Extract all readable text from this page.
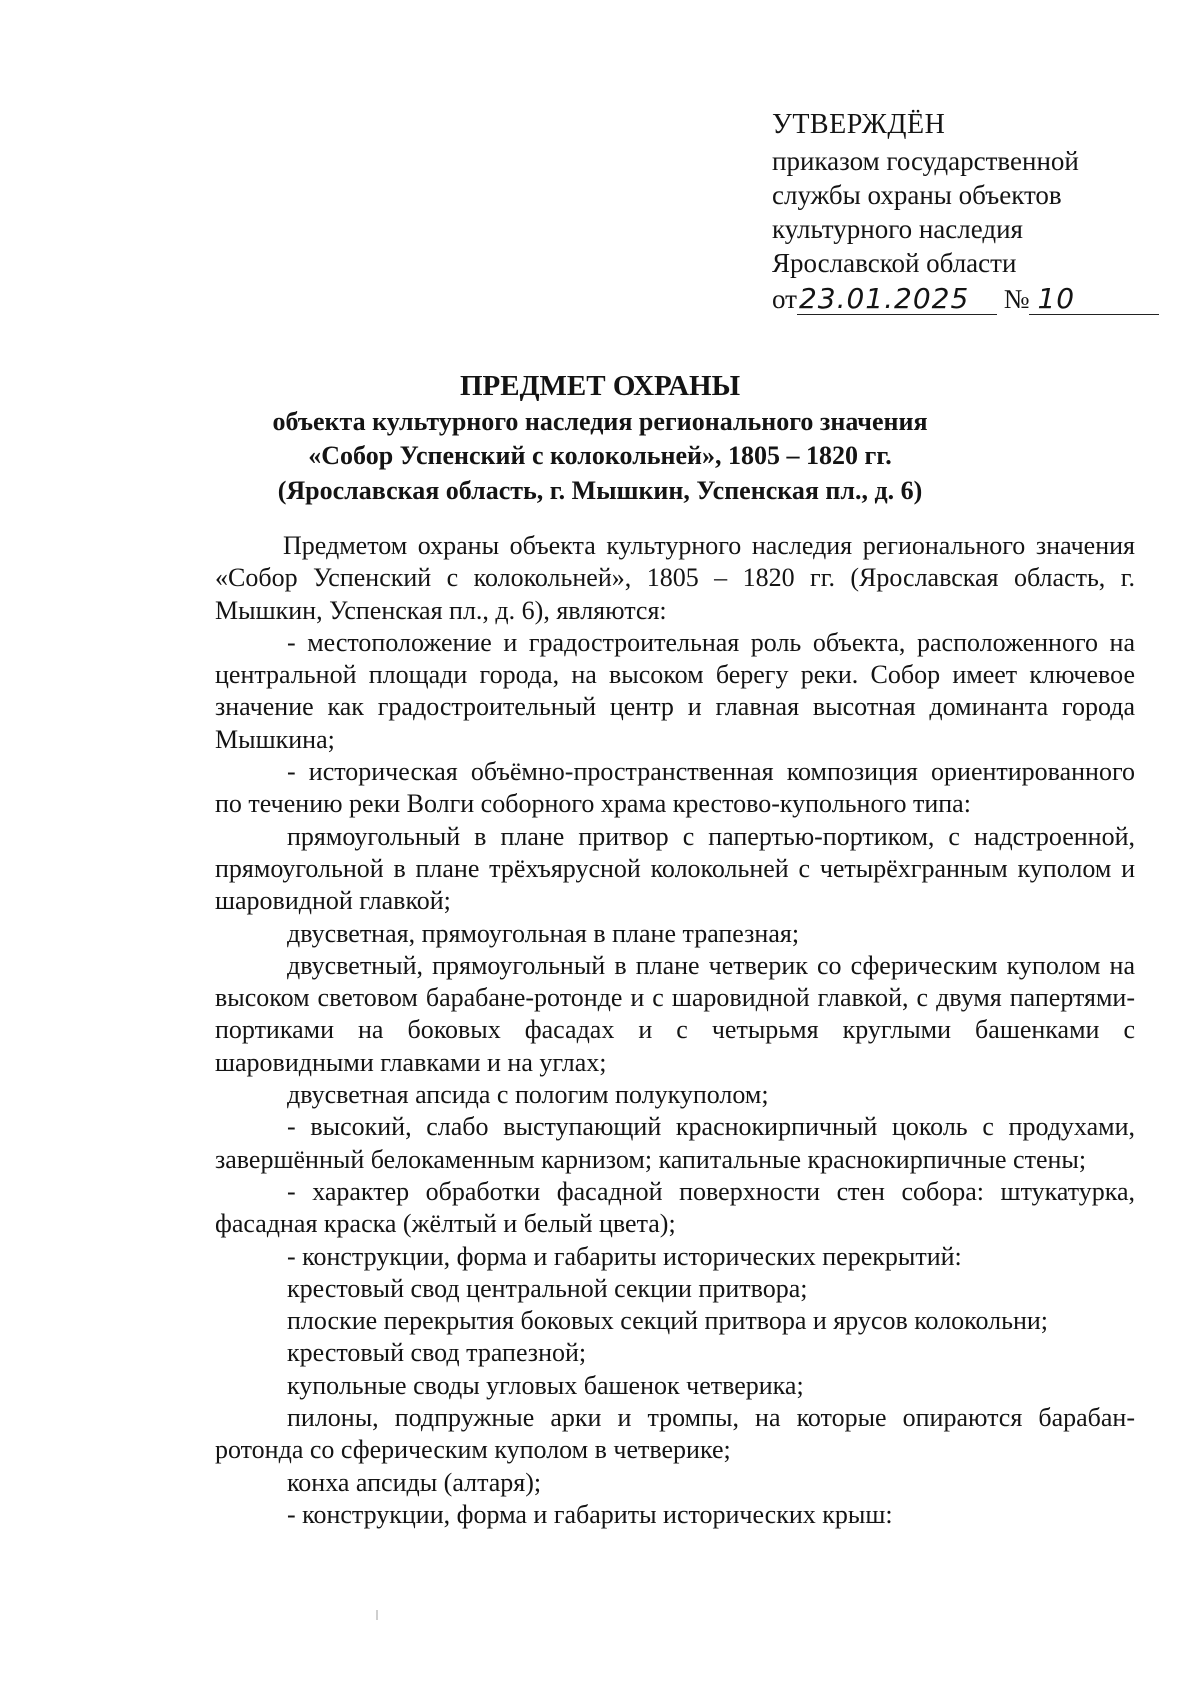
УТВЕРЖДЁН
приказом государственной
службы охраны объектов
культурного наследия
Ярославской области
от23.01.2025 № 10
ПРЕДМЕТ ОХРАНЫ
объекта культурного наследия регионального значения
«Собор Успенский с колокольней», 1805 – 1820 гг.
(Ярославская область, г. Мышкин, Успенская пл., д. 6)

Предметом охраны объекта культурного наследия регионального значения «Собор Успенский с колокольней», 1805 – 1820 гг. (Ярославская область, г. Мышкин, Успенская пл., д. 6), являются:

- местоположение и градостроительная роль объекта, расположенного на центральной площади города, на высоком берегу реки. Собор имеет ключевое значение как градостроительный центр и главная высотная доминанта города Мышкина;

- историческая объёмно-пространственная композиция ориентированного по течению реки Волги соборного храма крестово-купольного типа:

прямоугольный в плане притвор с папертью-портиком, с надстроенной, прямоугольной в плане трёхъярусной колокольней с четырёхгранным куполом и шаровидной главкой;

двусветная, прямоугольная в плане трапезная;

двусветный, прямоугольный в плане четверик со сферическим куполом на высоком световом барабане-ротонде и с шаровидной главкой, с двумя папертями-портиками на боковых фасадах и с четырьмя круглыми башенками с шаровидными главками и на углах;

двусветная апсида с пологим полукуполом;

- высокий, слабо выступающий краснокирпичный цоколь с продухами, завершённый белокаменным карнизом; капитальные краснокирпичные стены;

- характер обработки фасадной поверхности стен собора: штукатурка, фасадная краска (жёлтый и белый цвета);

- конструкции, форма и габариты исторических перекрытий:

крестовый свод центральной секции притвора;

плоские перекрытия боковых секций притвора и ярусов колокольни;

крестовый свод трапезной;

купольные своды угловых башенок четверика;

пилоны, подпружные арки и тромпы, на которые опираются барабан-ротонда со сферическим куполом в четверике;

конха апсиды (алтаря);

- конструкции, форма и габариты исторических крыш:
